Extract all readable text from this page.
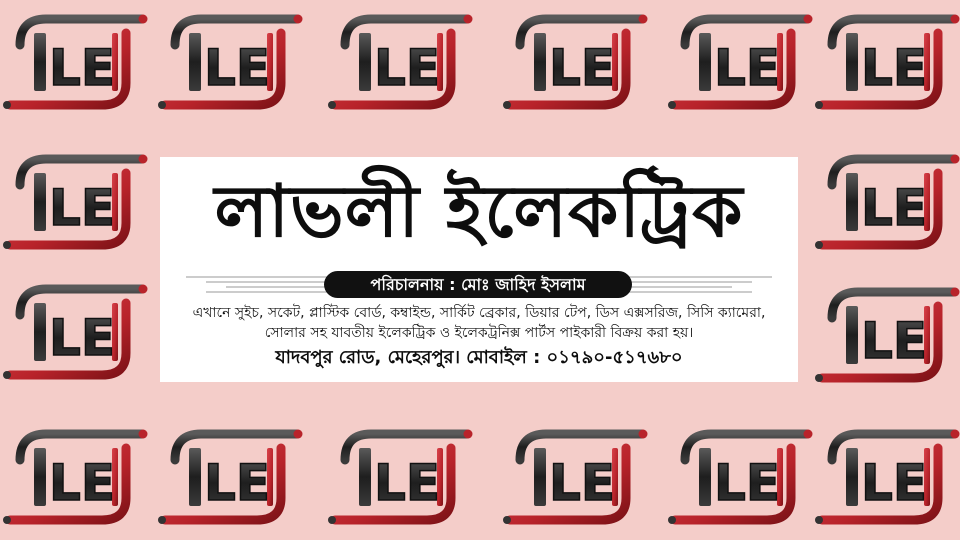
LE LE LE LE LE LE
LE
LE
LE
LE
LE LE LE LE LE LE
লাভলী ইলেকট্রিক
পরিচালনায় : মোঃ জাহিদ ইসলাম
এখানে সুইচ, সকেট, প্লাস্টিক বোর্ড, কম্বাইন্ড, সার্কিট ব্রেকার, ডিয়ার টেপ, ডিস এক্সসরিজ, সিসি ক্যামেরা,
সোলার সহ যাবতীয় ইলেকট্রিক ও ইলেকট্রনিক্স পার্টস পাইকারী বিক্রয় করা হয়।
যাদবপুর রোড, মেহেরপুর। মোবাইল : ০১৭৯০-৫১৭৬৮০
